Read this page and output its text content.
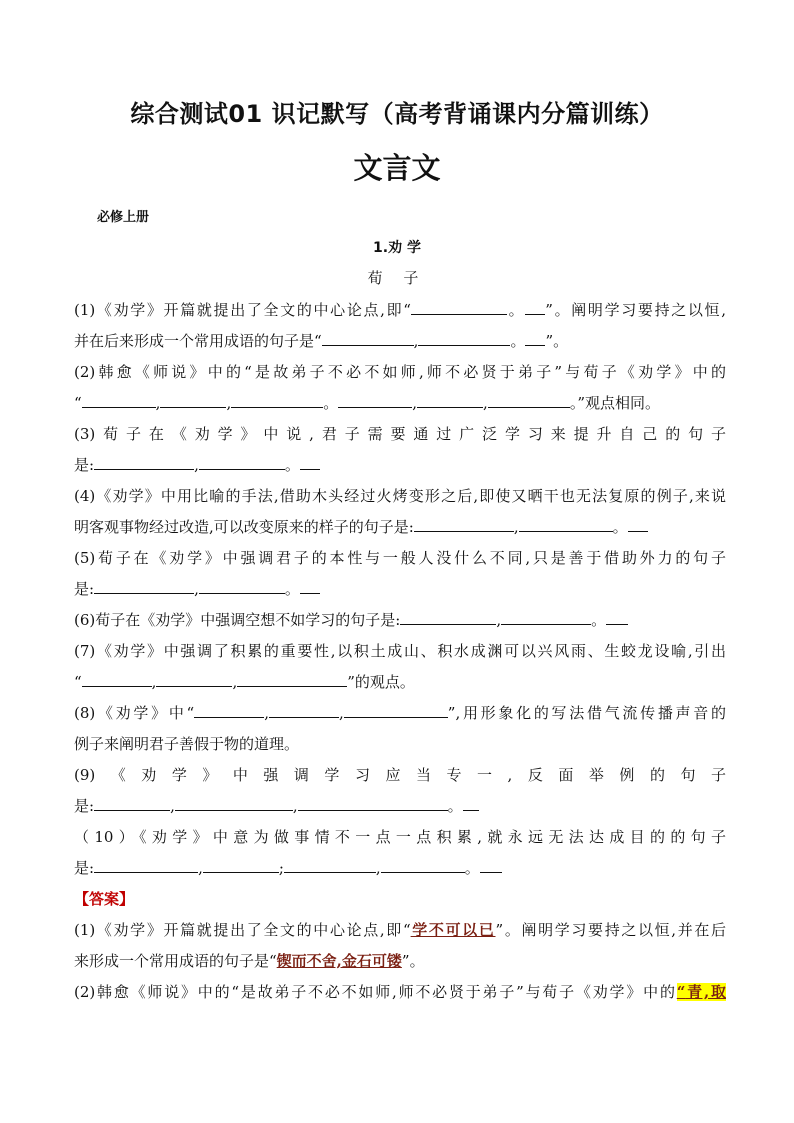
综合测试01 识记默写（高考背诵课内分篇训练）
文言文
必修上册
1.劝 学
荀 子

(1)《劝学》开篇就提出了全文的中心论点,即“	。 ”。阐明学习要持之以恒,

并在后来形成一个常用成语的句子是“	,	。 ”。

(2)韩愈《师说》中的“是故弟子不必不如师,师不必贤于弟子”与荀子《劝学》中的

“	,	,	。	,	,	。”观点相同。

(3)荀子在《劝学》中说,君子需要通过广泛学习来提升自己的句子

是:	,	。

(4)《劝学》中用比喻的手法,借助木头经过火烤变形之后,即使又晒干也无法复原的例子,来说

明客观事物经过改造,可以改变原来的样子的句子是:	,	。

(5)荀子在《劝学》中强调君子的本性与一般人没什么不同,只是善于借助外力的句子

是:	,	。

(6)荀子在《劝学》中强调空想不如学习的句子是:	,	。

(7)《劝学》中强调了积累的重要性,以积土成山、积水成渊可以兴风雨、生蛟龙设喻,引出

“	,	,	”的观点。

(8)《劝学》中“	,	,	”,用形象化的写法借气流传播声音的

例子来阐明君子善假于物的道理。

(9)《劝学》中强调学习应当专一,反面举例的句子

是:	,	,	。

（10）《劝学》中意为做事情不一点一点积累,就永远无法达成目的的句子

是:	,	;	,	。

【答案】

(1)《劝学》开篇就提出了全文的中心论点,即“学不可以已”。阐明学习要持之以恒,并在后

来形成一个常用成语的句子是“锲而不舍,金石可镂”。

(2)韩愈《师说》中的“是故弟子不必不如师,师不必贤于弟子”与荀子《劝学》中的“青,取
